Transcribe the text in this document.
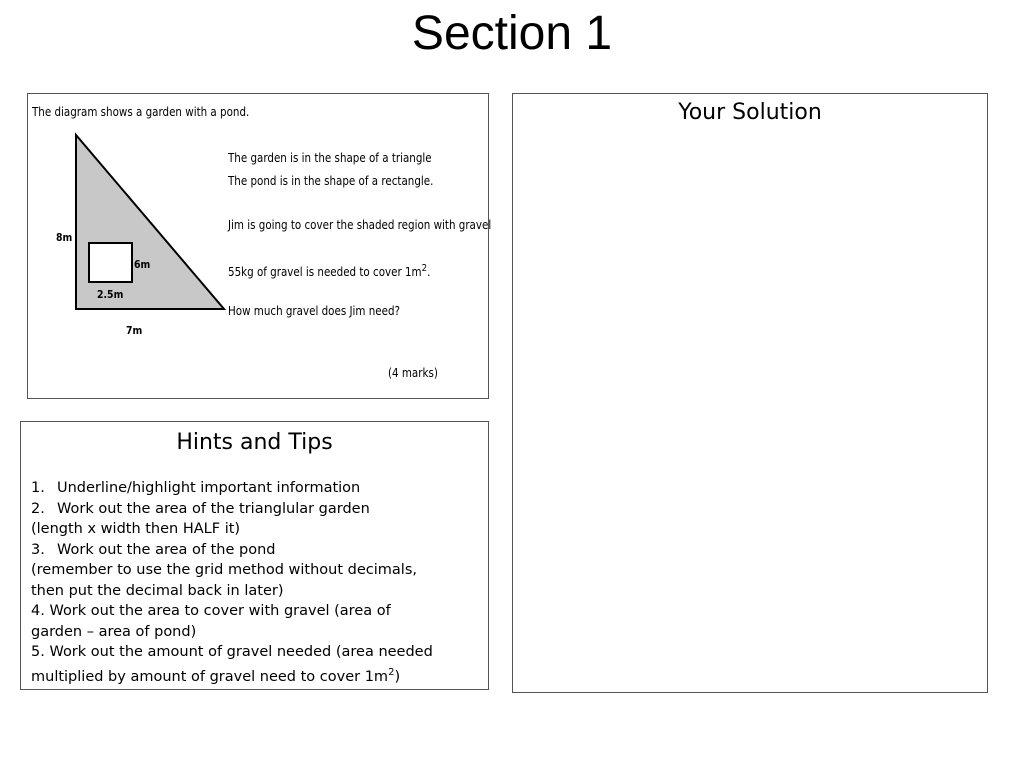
Section 1
The diagram shows a garden with a pond.
8m
6m
2.5m
7m
The garden is in the shape of a triangle
The pond is in the shape of a rectangle.
Jim is going to cover the shaded region with gravel
55kg of gravel is needed to cover $1m^2$.
How much gravel does Jim need?
(4 marks)
Hints and Tips
1. Underline/highlight important information
2. Work out the area of the trianglular garden
(length x width then HALF it)
3. Work out the area of the pond
(remember to use the grid method without decimals,
then put the decimal back in later)
4. Work out the area to cover with gravel (area of
garden – area of pond)
5. Work out the amount of gravel needed (area needed
multiplied by amount of gravel need to cover $1m^2$)
Your Solution
